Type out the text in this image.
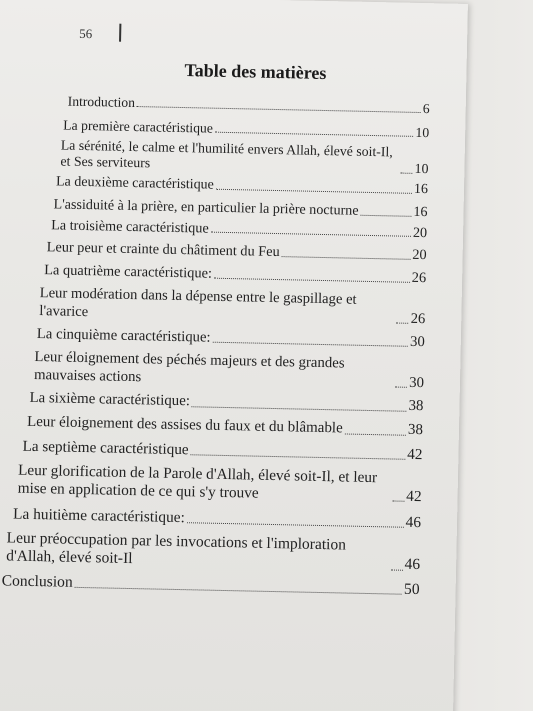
56
Table des matières
Introduction	6
La première caractéristique	10
La sérénité, le calme et l'humilité envers Allah, élevé soit-Il, et Ses serviteurs	10
La deuxième caractéristique	16
L'assiduité à la prière, en particulier la prière nocturne	16
La troisième caractéristique	20
Leur peur et crainte du châtiment du Feu	20
La quatrième caractéristique:	26
Leur modération dans la dépense entre le gaspillage et l'avarice	26
La cinquième caractéristique:	30
Leur éloignement des péchés majeurs et des grandes mauvaises actions	30
La sixième caractéristique:	38
Leur éloignement des assises du faux et du blâmable	38
La septième caractéristique	42
Leur glorification de la Parole d'Allah, élevé soit-Il, et leur mise en application de ce qui s'y trouve	42
La huitième caractéristique:	46
Leur préoccupation par les invocations et l'imploration d'Allah, élevé soit-Il	46
Conclusion	50
